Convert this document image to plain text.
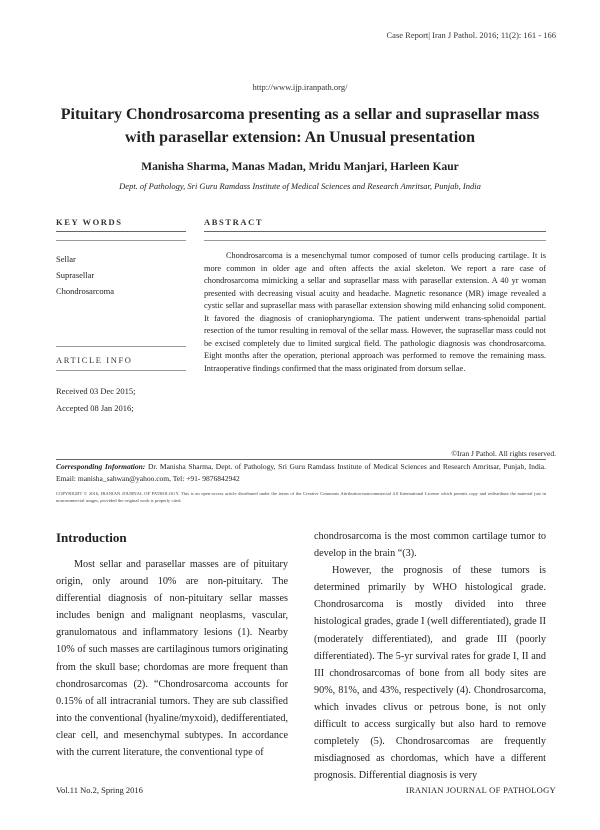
Case Report| Iran J Pathol. 2016; 11(2): 161 - 166
http://www.ijp.iranpath.org/
Pituitary Chondrosarcoma presenting as a sellar and suprasellar mass
with parasellar extension: An Unusual presentation
Manisha Sharma, Manas Madan, Mridu Manjari, Harleen Kaur
Dept. of Pathology, Sri Guru Ramdass Institute of Medical Sciences and Research Amritsar, Punjab, India
KEY WORDS
Sellar
Suprasellar
Chondrosarcoma
ABSTRACT

Chondrosarcoma is a mesenchymal tumor composed of tumor cells producing cartilage. It is more common in older age and often affects the axial skeleton. We report a rare case of chondrosarcoma mimicking a sellar and suprasellar mass with parasellar extension. A 40 yr woman presented with decreasing visual acuity and headache. Magnetic resonance (MR) image revealed a cystic sellar and suprasellar mass with parasellar extension showing mild enhancing solid component. It favored the diagnosis of craniopharyngioma. The patient underwent trans-sphenoidal partial resection of the tumor resulting in removal of the sellar mass. However, the suprasellar mass could not be excised completely due to limited surgical field. The pathologic diagnosis was chondrosarcoma. Eight months after the operation, pterional approach was performed to remove the remaining mass. Intraoperative findings confirmed that the mass originated from dorsum sellae.

ARTICLE INFO
Received 03 Dec 2015;
Accepted 08 Jan 2016;
©Iran J Pathol. All rights reserved.
Corresponding Information: Dr. Manisha Sharma, Dept. of Pathology, Sri Guru Ramdass Institute of Medical Sciences and Research Amritsar, Punjab, India. Email: manisha_sahwan@yahoo.com, Tel: +91- 9876842942
COPYRIGHT © 2016, IRANIAN JOURNAL OF PATHOLOGY. This is an open-access article distributed under the terms of the Creative Commons Attribution-noncommercial 4.0 International License which permits copy and redistribute the material just in noncommercial usages, provided the original work is properly cited.
Introduction

Most sellar and parasellar masses are of pituitary origin, only around 10% are non-pituitary. The differential diagnosis of non-pituitary sellar masses includes benign and malignant neoplasms, vascular, granulomatous and inflammatory lesions (1). Nearby 10% of such masses are cartilaginous tumors originating from the skull base; chordomas are more frequent than chondrosarcomas (2). “Chondrosarcoma accounts for 0.15% of all intracranial tumors. They are sub classified into the conventional (hyaline/myxoid), dedifferentiated, clear cell, and mesenchymal subtypes. In accordance with the current literature, the conventional type of

chondrosarcoma is the most common cartilage tumor to develop in the brain “(3).

However, the prognosis of these tumors is determined primarily by WHO histological grade. Chondrosarcoma is mostly divided into three histological grades, grade I (well differentiated), grade II (moderately differentiated), and grade III (poorly differentiated). The 5-yr survival rates for grade I, II and III chondrosarcomas of bone from all body sites are 90%, 81%, and 43%, respectively (4). Chondrosarcoma, which invades clivus or petrous bone, is not only difficult to access surgically but also hard to remove completely (5). Chondrosarcomas are frequently misdiagnosed as chordomas, which have a different prognosis. Differential diagnosis is very

Vol.11 No.2, Spring 2016	IRANIAN JOURNAL OF PATHOLOGY
